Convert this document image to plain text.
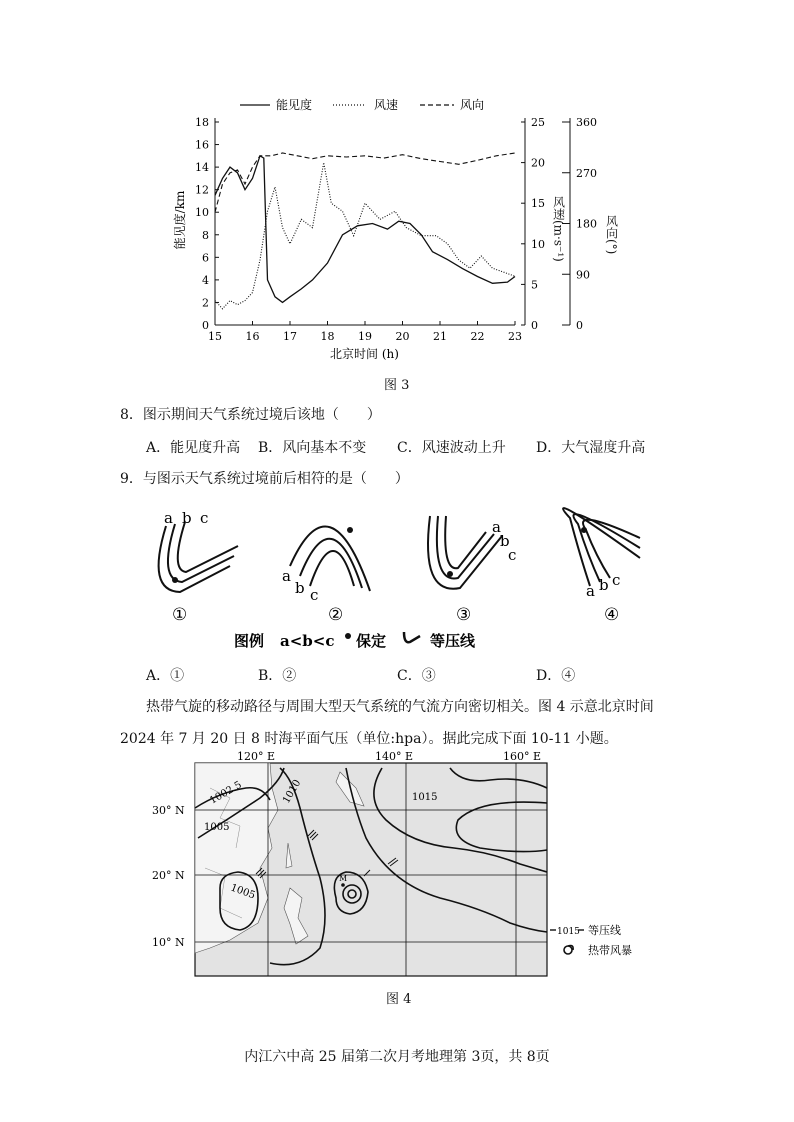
能见度	风速	风向
0
2
4
6
8
10
12
14
16
18
0
5
10
15
20
25
0
90
180
270
360
15 16 17 18 19 20 21 22 23
能见度/km
北京时间 (h)
风速(m·s⁻¹)	风向(°)
图 3
8．图示期间天气系统过境后该地（　　）
A．能见度升高 B．风向基本不变 C．风速波动上升 D．大气湿度升高
9．与图示天气系统过境前后相符的是（　　）
a b c
①
a
b c
②
a
b
c
③
a b c
④
图例 a<b<c 保定	等压线
A．①	B．②	C．③	D．④
热带气旋的移动路径与周围大型天气系统的气流方向密切相关。图 4 示意北京时间
2024 年 7 月 20 日 8 时海平面气压（单位:hpa）。据此完成下面 10-11 小题。
120° E	140° E	160° E
30° N
20° N
10° N
1002.5
1005
1010	1015
1005
M
1015 等压线
热带风暴
图 4
内江六中高 25 届第二次月考地理第 3页，共 8页
